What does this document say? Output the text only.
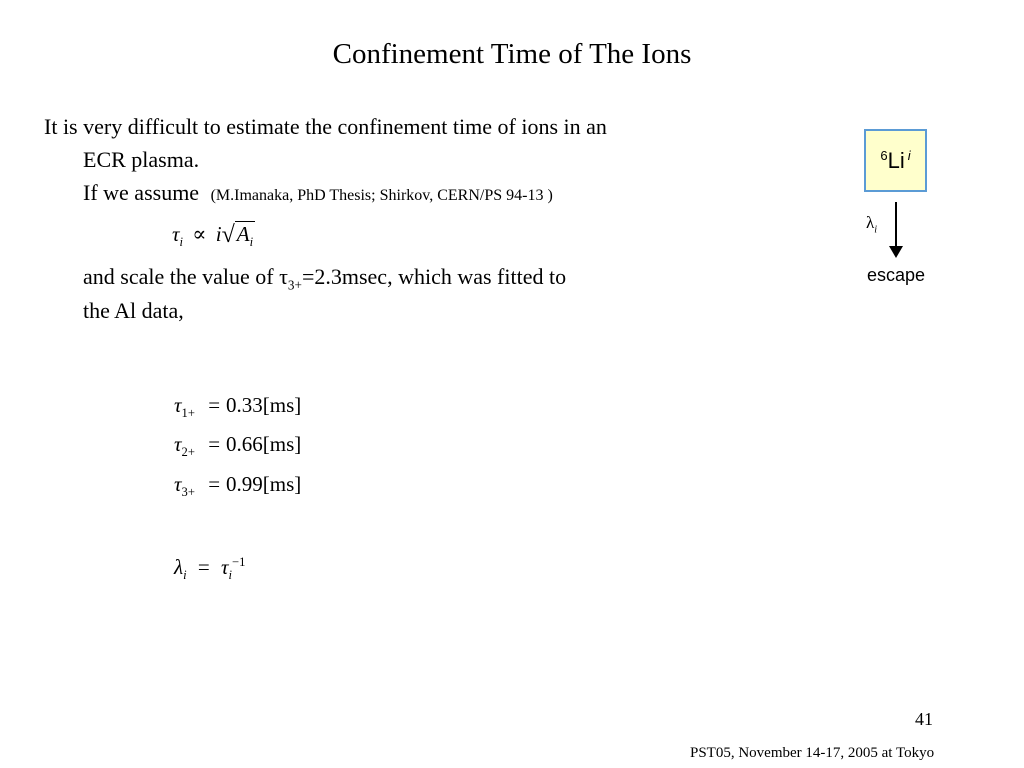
Confinement Time of The Ions
It is very difficult to estimate the confinement time of ions in an
ECR plasma.
If we assume (M.Imanaka, PhD Thesis; Shirkov, CERN/PS 94-13 )
$\tau_i \propto i√A_i$
and scale the value of $\tau_{3+}=2.3msec$, which was fitted to
the Al data,
$\tau_{1+} = 0.33[ms]$
$\tau_{2+} = 0.66[ms]$
$\tau_{3+} = 0.99[ms]$
$\lambda_i = \tau_i^{-1}$
$^6$Li $^i$
$\lambda_i$
escape
41
PST05, November 14-17, 2005 at Tokyo
